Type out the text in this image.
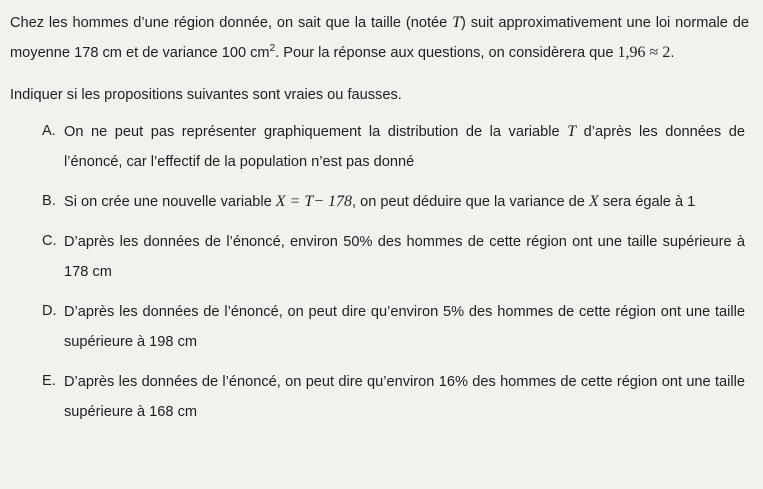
Chez les hommes d’une région donnée, on sait que la taille (notée T) suit approximativement une loi normale de moyenne 178 cm et de variance 100 $cm^2$. Pour la réponse aux questions, on considèrera que 1,96 ≈ 2.

Indiquer si les propositions suivantes sont vraies ou fausses.

A. On ne peut pas représenter graphiquement la distribution de la variable T d’après les données de l’énoncé, car l’effectif de la population n’est pas donné
B. Si on crée une nouvelle variable X = T− 178, on peut déduire que la variance de X sera égale à 1
C. D’après les données de l’énoncé, environ 50% des hommes de cette région ont une taille supérieure à 178 cm
D. D’après les données de l’énoncé, on peut dire qu’environ 5% des hommes de cette région ont une taille supérieure à 198 cm
E. D’après les données de l’énoncé, on peut dire qu’environ 16% des hommes de cette région ont une taille supérieure à 168 cm
